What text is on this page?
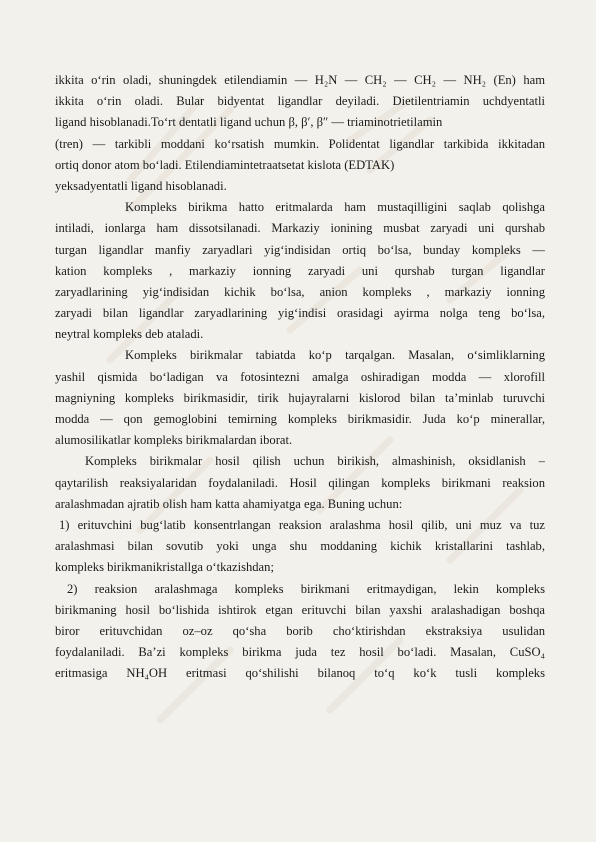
ikkita o‘rin oladi, shuningdek etilendiamin — H₂N — CH₂ — CH₂ — NH₂ (En) ham
ikkita o‘rin oladi. Bular bidyentat ligandlar deyiladi. Dietilentriamin uchdyentatli
ligand hisoblanadi.To‘rt dentatli ligand uchun β, β′, β″ — triaminotrietilamin
(tren) — tarkibli moddani ko‘rsatish mumkin. Polidentat ligandlar tarkibida ikkitadan
ortiq donor atom bo‘ladi. Etilendiamintetraatsetat kislota (EDTAK)
yeksadyentatli ligand hisoblanadi.
Kompleks birikma hatto eritmalarda ham mustaqilligini saqlab qolishga
intiladi, ionlarga ham dissotsilanadi. Markaziy ionining musbat zaryadi uni qurshab
turgan ligandlar manfiy zaryadlari yig‘indisidan ortiq bo‘lsa, bunday kompleks —
kation kompleks , markaziy ionning zaryadi uni qurshab turgan ligandlar
zaryadlarining yig‘indisidan kichik bo‘lsa, anion kompleks , markaziy ionning
zaryadi bilan ligandlar zaryadlarining yig‘indisi orasidagi ayirma nolga teng bo‘lsa,
neytral kompleks deb ataladi.
Kompleks birikmalar tabiatda ko‘p tarqalgan. Masalan, o‘simliklarning
yashil qismida bo‘ladigan va fotosintezni amalga oshiradigan modda — xlorofill
magniyning kompleks birikmasidir, tirik hujayralarni kislorod bilan ta’minlab turuvchi
modda — qon gemoglobini temirning kompleks birikmasidir. Juda ko‘p minerallar,
alumosilikatlar kompleks birikmalardan iborat.
Kompleks birikmalar hosil qilish uchun birikish, almashinish, oksidlanish –
qaytarilish reaksiyalaridan foydalaniladi. Hosil qilingan kompleks birikmani reaksion
aralashmadan ajratib olish ham katta ahamiyatga ega. Buning uchun:
1) erituvchini bug‘latib konsentrlangan reaksion aralashma hosil qilib, uni muz va tuz
aralashmasi bilan sovutib yoki unga shu moddaning kichik kristallarini tashlab,
kompleks birikmanikristallga o‘tkazishdan;
2) reaksion aralashmaga kompleks birikmani eritmaydigan, lekin kompleks
birikmaning hosil bo‘lishida ishtirok etgan erituvchi bilan yaxshi aralashadigan boshqa
biror erituvchidan oz–oz qo‘sha borib cho‘ktirishdan ekstraksiya usulidan
foydalaniladi. Ba’zi kompleks birikma juda tez hosil bo‘ladi. Masalan, CuSO₄
eritmasiga NH₄OH eritmasi qo‘shilishi bilanoq to‘q ko‘k tusli kompleks
